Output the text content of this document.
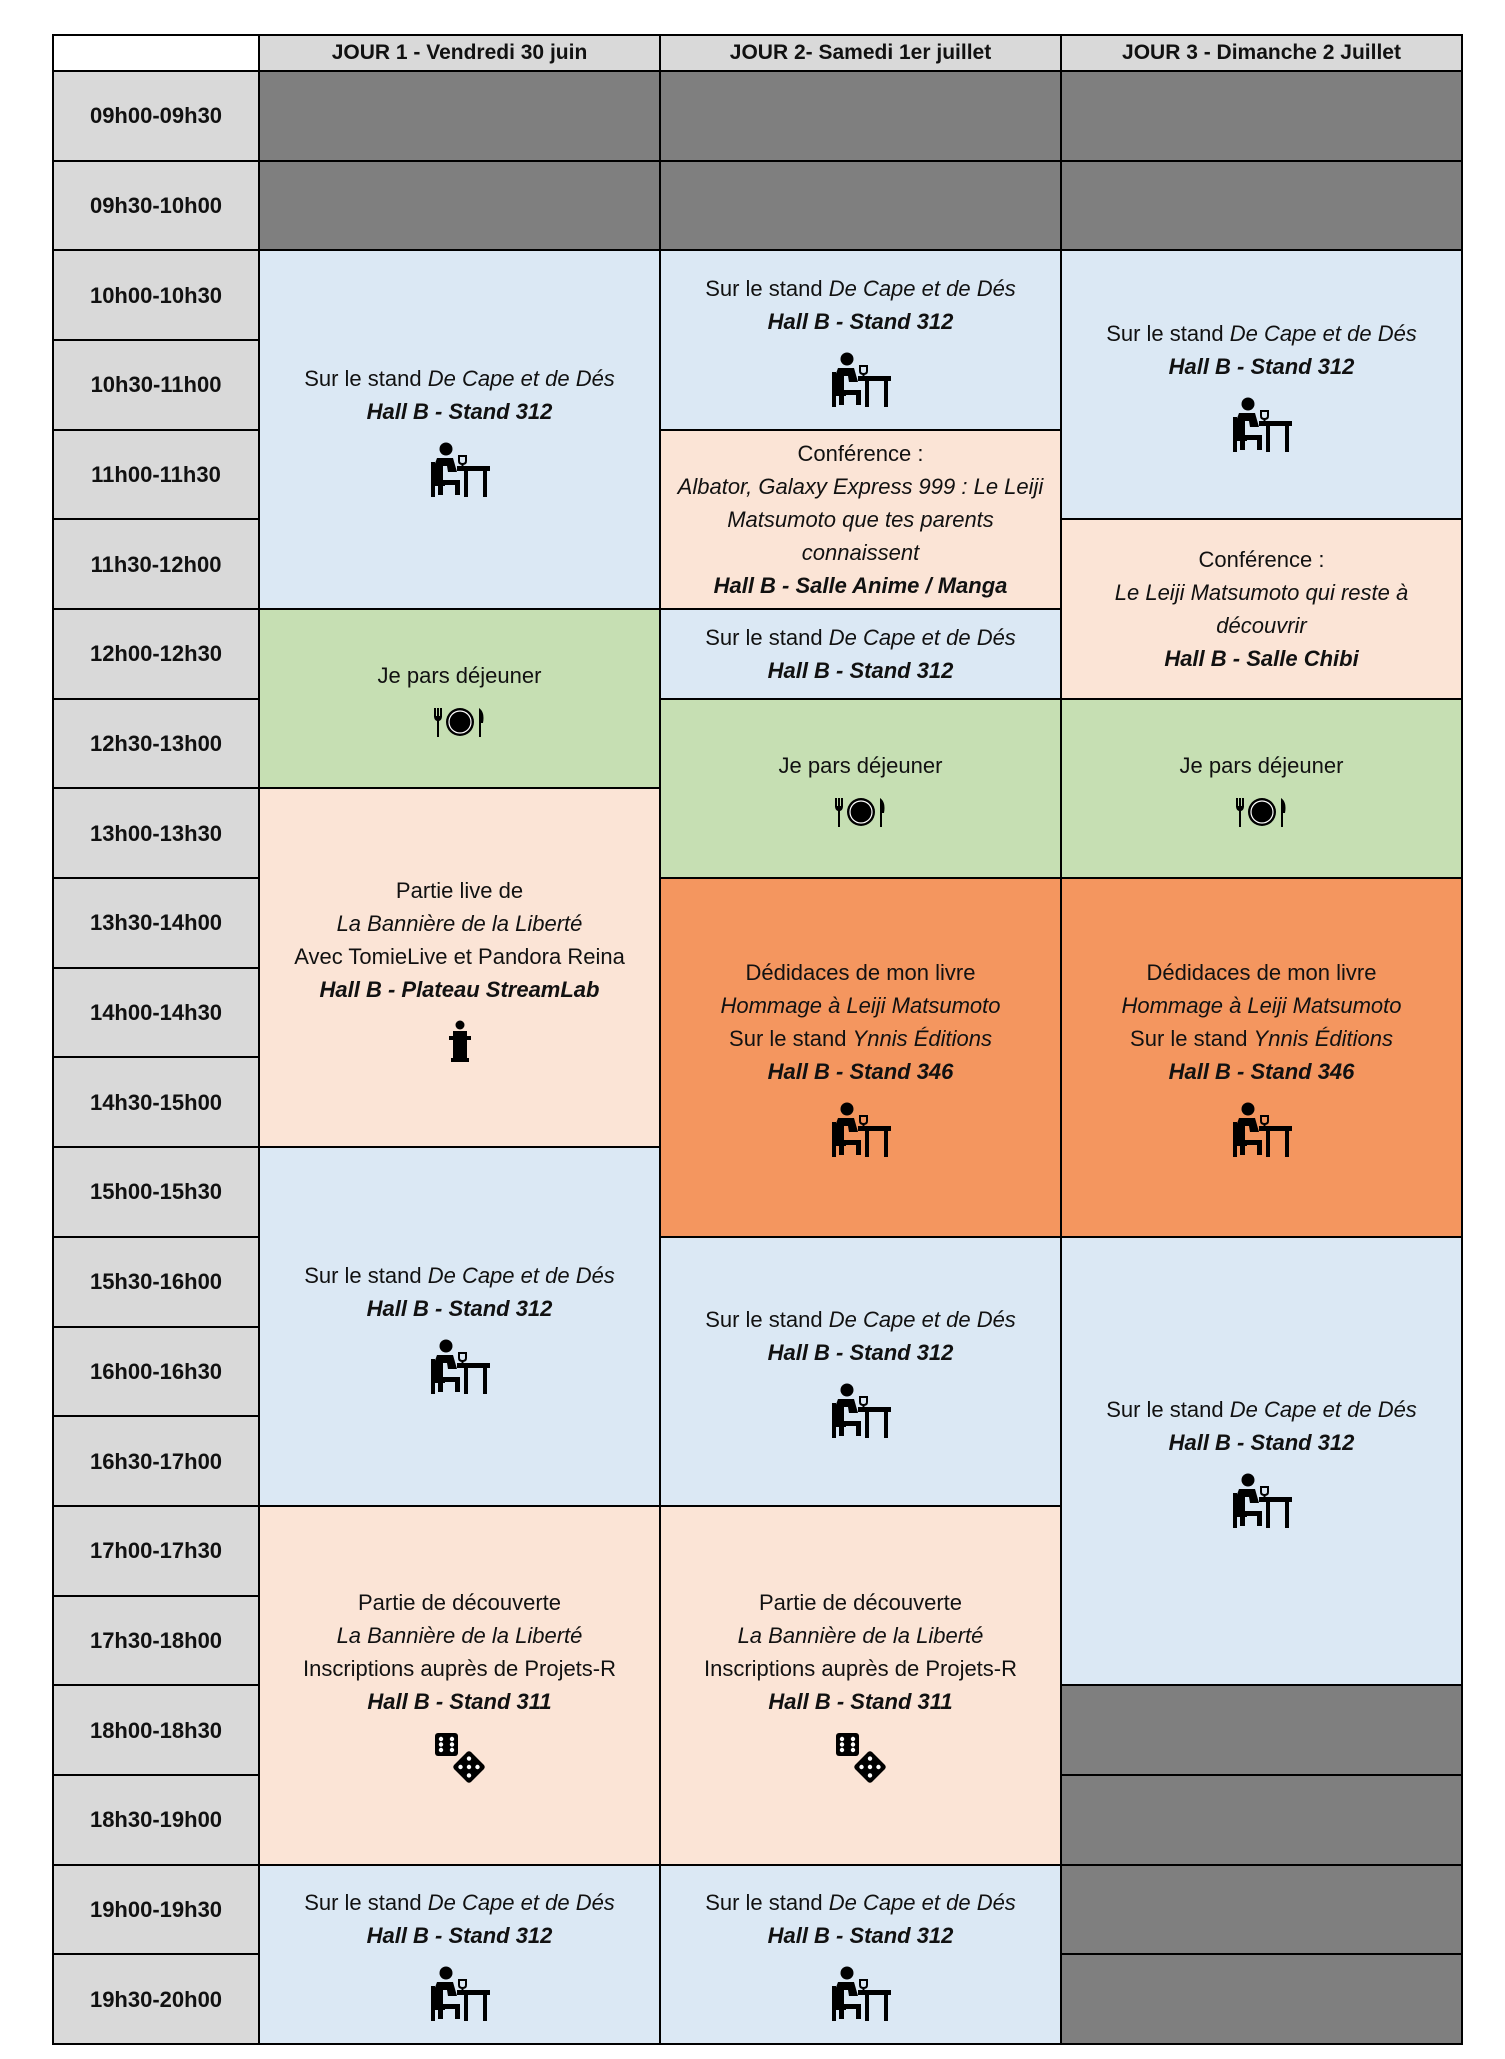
JOUR 1 - Vendredi 30 juin	JOUR 2- Samedi 1er juillet	JOUR 3 - Dimanche 2 Juillet
09h00-09h30
09h30-10h00
10h00-10h30
10h30-11h00
11h00-11h30
11h30-12h00
12h00-12h30
12h30-13h00
13h00-13h30
13h30-14h00
14h00-14h30
14h30-15h00
15h00-15h30
15h30-16h00
16h00-16h30
16h30-17h00
17h00-17h30
17h30-18h00
18h00-18h30
18h30-19h00
19h00-19h30
19h30-20h00
Sur le stand De Cape et de Dés
Hall B - Stand 312
Je pars déjeuner
Partie live de
La Bannière de la Liberté
Avec TomieLive et Pandora Reina
Hall B - Plateau StreamLab
Sur le stand De Cape et de Dés
Hall B - Stand 312
Partie de découverte
La Bannière de la Liberté
Inscriptions auprès de Projets-R
Hall B - Stand 311
Sur le stand De Cape et de Dés
Hall B - Stand 312
Sur le stand De Cape et de Dés
Hall B - Stand 312
Conférence :
Albator, Galaxy Express 999 : Le Leiji Matsumoto que tes parents connaissent
Hall B - Salle Anime / Manga
Sur le stand De Cape et de Dés
Hall B - Stand 312
Je pars déjeuner
Dédidaces de mon livre
Hommage à Leiji Matsumoto
Sur le stand Ynnis Éditions
Hall B - Stand 346
Sur le stand De Cape et de Dés
Hall B - Stand 312
Partie de découverte
La Bannière de la Liberté
Inscriptions auprès de Projets-R
Hall B - Stand 311
Sur le stand De Cape et de Dés
Hall B - Stand 312
Sur le stand De Cape et de Dés
Hall B - Stand 312
Conférence :
Le Leiji Matsumoto qui reste à découvrir
Hall B - Salle Chibi
Je pars déjeuner
Dédidaces de mon livre
Hommage à Leiji Matsumoto
Sur le stand Ynnis Éditions
Hall B - Stand 346
Sur le stand De Cape et de Dés
Hall B - Stand 312
